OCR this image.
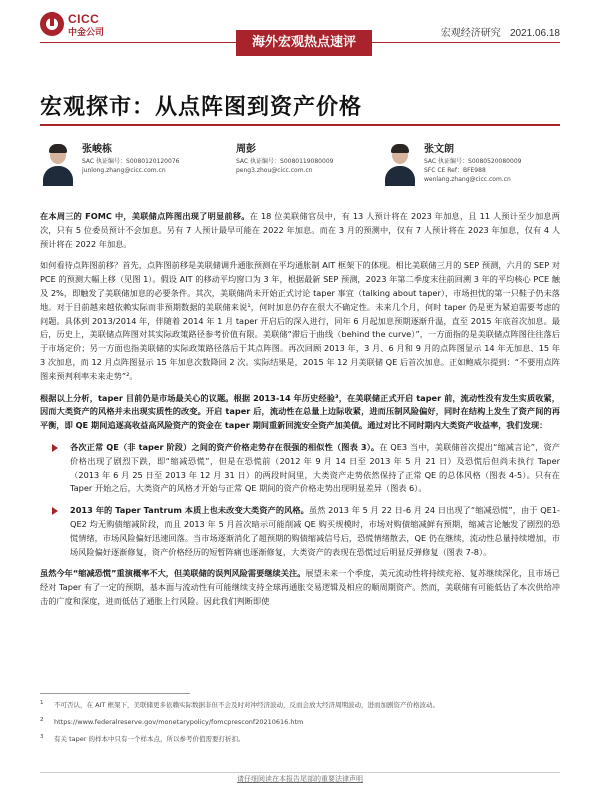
CICC
中金公司
海外宏观热点速评
宏观经济研究 2021.06.18
宏观探市：从点阵图到资产价格
张峻栋
SAC 执证编号：S0080120120076
junlong.zhang@cicc.com.cn
周彭
SAC 执证编号：S0080119080009
peng3.zhou@cicc.com.cn
张文朗
SAC 执证编号：S0080520080009
SFC CE Ref：BFE988
wenlang.zhang@cicc.com.cn

在本周三的 FOMC 中，美联储点阵图出现了明显前移。在 18 位美联储官员中，有 13 人预计将在 2023 年加息，且 11 人预计至少加息两次，只有 5 位委员预计不会加息。另有 7 人预计最早可能在 2022 年加息。而在 3 月的预测中，仅有 7 人预计将在 2023 年加息，仅有 4 人预计将在 2022 年加息。

如何看待点阵图前移？首先，点阵图前移是美联储调升通胀预测在平均通胀制 AIT 框架下的体现。相比美联储三月的 SEP 预测，六月的 SEP 对 PCE 的预测大幅上移（见图 1）。假设 AIT 的移动平均窗口为 3 年，根据最新 SEP 预测，2023 年第二季度末往前回溯 3 年的平均核心 PCE 触及 2%，即触发了美联储加息的必要条件。其次，美联储尚未开始正式讨论 taper 事宜（talking about taper），市场担忧的第一只鞋子仍未落地。对于目前越来越依赖实际而非预期数据的美联储来说¹，何时加息仍存在很大不确定性。未来几个月，何时 taper 仍是更为紧迫需要考虑的问题。具体到 2013/2014 年，伴随着 2014 年 1 月 taper 开启后的深入进行，同年 6 月起加息预期逐渐升温，直至 2015 年底首次加息。最后，历史上，美联储点阵图对其实际政策路径参考价值有限。美联储“滞后于曲线（behind the curve）”，一方面指的是美联储点阵图往往落后于市场定价；另一方面也指美联储的实际政策路径落后于其点阵图。再次回顾 2013 年，3 月、6 月和 9 月的点阵图显示 14 年无加息、15 年 3 次加息，而 12 月点阵图显示 15 年加息次数降回 2 次。实际结果是，2015 年 12 月美联储 QE 后首次加息。正如鲍威尔提到：“不要用点阵图来预判利率未来走势”²。

根据以上分析，taper 目前仍是市场最关心的议题。根据 2013-14 年历史经验³，在美联储正式开启 taper 前，流动性没有发生实质收紧，因而大类资产的风格并未出现实质性的改变。开启 taper 后，流动性在总量上边际收紧，进而压制风险偏好，同时在结构上发生了资产间的再平衡，即 QE 期间追逐高收益高风险资产的资金在 taper 期间重新回流安全资产加美债。通过对比不同时期内大类资产收益率，我们发现：

各次正常 QE（非 taper 阶段）之间的资产价格走势存在很强的相似性（图表 3）。在 QE3 当中，美联储首次提出“缩减言论”，资产价格出现了剧烈下跌，即“缩减恐慌”，但是在恐慌前（2012 年 9 月 14 日至 2013 年 5 月 21 日）及恐慌后但尚未执行 Taper（2013 年 6 月 25 日至 2013 年 12 月 31 日）的两段时间里，大类资产走势依然保持了正常 QE 的总体风格（图表 4-5）。只有在 Taper 开始之后，大类资产的风格才开始与正常 QE 期间的资产价格走势出现明显差异（图表 6）。
2013 年的 Taper Tantrum 本质上也未改变大类资产的风格。虽然 2013 年 5 月 22 日-6 月 24 日出现了“缩减恐慌”，由于 QE1-QE2 均无购债缩减阶段，而且 2013 年 5 月首次暗示可能削减 QE 购买规模时，市场对购债缩减鲜有预期，缩减言论触发了剧烈的恐慌情绪，市场风险偏好迅速回落。当市场逐渐消化了超预期的购债缩减信号后，恐慌情绪散去，QE 仍在继续，流动性总量持续增加，市场风险偏好逐渐修复，资产价格经历的短暂阵痛也逐渐修复，大类资产的表现在恐慌过后明显反弹修复（图表 7-8）。

虽然今年“缩减恐慌”重演概率不大，但美联储的误判风险需要继续关注。展望未来一个季度，美元流动性将持续充裕、复苏继续深化，且市场已经对 Taper 有了一定的预期，基本面与流动性有可能继续支持全球再通胀交易逻辑及相应的顺周期资产。然而，美联储有可能低估了本次供给冲击的广度和深度，进而低估了通胀上行风险。因此我们判断即使

1 不可否认，在 AIT 框架下，美联储更多依赖实际数据非但不会及时对冲经济波动，反而会放大经济周期波动，进而加剧资产价格波动。
2 https://www.federalreserve.gov/monetarypolicy/fomcpresconf20210616.htm
3 有关 taper 的样本中只有一个样本点，所以参考价值需要打折扣。
请仔细阅读在本报告尾部的重要法律声明
